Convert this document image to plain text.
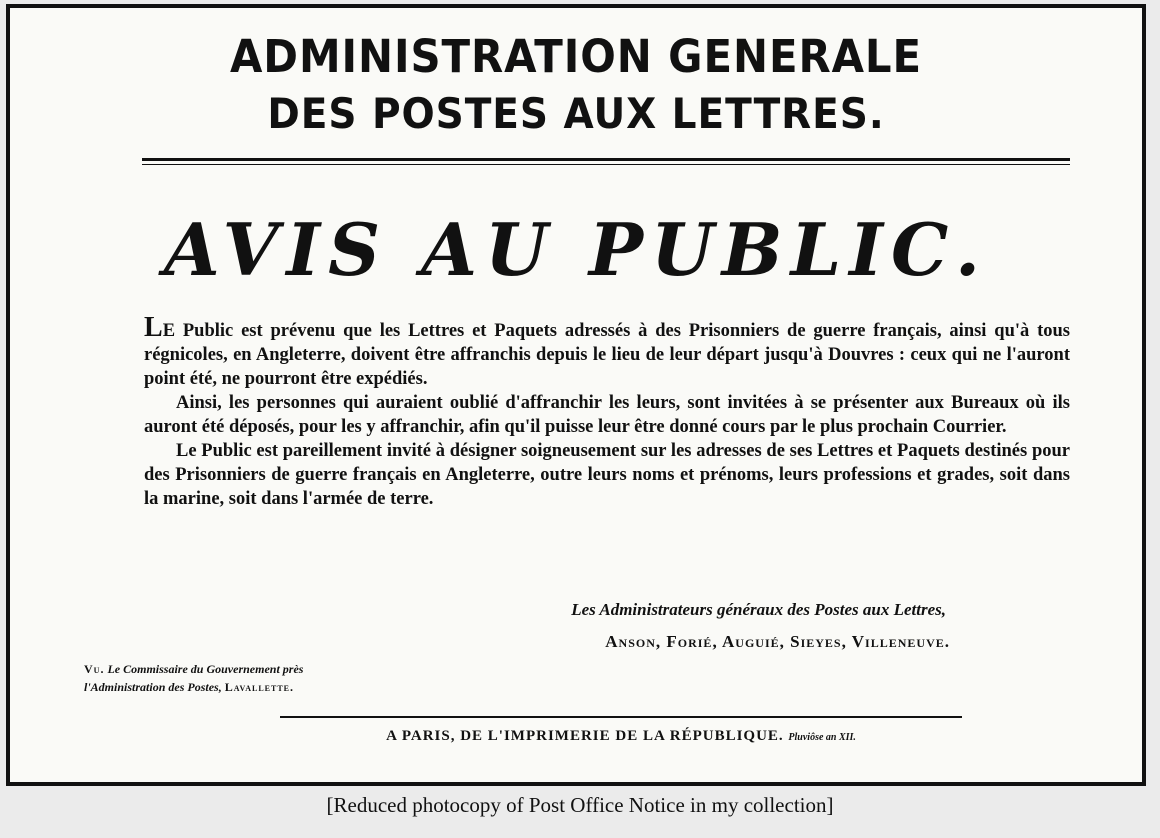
ADMINISTRATION GENERALE
DES POSTES AUX LETTRES.
AVIS AU PUBLIC.

LE Public est prévenu que les Lettres et Paquets adressés à des Prisonniers de guerre français, ainsi qu'à tous régnicoles, en Angleterre, doivent être affranchis depuis le lieu de leur départ jusqu'à Douvres : ceux qui ne l'auront point été, ne pourront être expédiés.

Ainsi, les personnes qui auraient oublié d'affranchir les leurs, sont invitées à se présenter aux Bureaux où ils auront été déposés, pour les y affranchir, afin qu'il puisse leur être donné cours par le plus prochain Courrier.

Le Public est pareillement invité à désigner soigneusement sur les adresses de ses Lettres et Paquets destinés pour des Prisonniers de guerre français en Angleterre, outre leurs noms et prénoms, leurs professions et grades, soit dans la marine, soit dans l'armée de terre.

Les Administrateurs généraux des Postes aux Lettres,
Anson, Forié, Auguié, Sieyes, Villeneuve.
Vu. Le Commissaire du Gouvernement près
l'Administration des Postes, Lavallette.
A PARIS, DE L'IMPRIMERIE DE LA RÉPUBLIQUE. Pluviôse an XII.
[Reduced photocopy of Post Office Notice in my collection]
